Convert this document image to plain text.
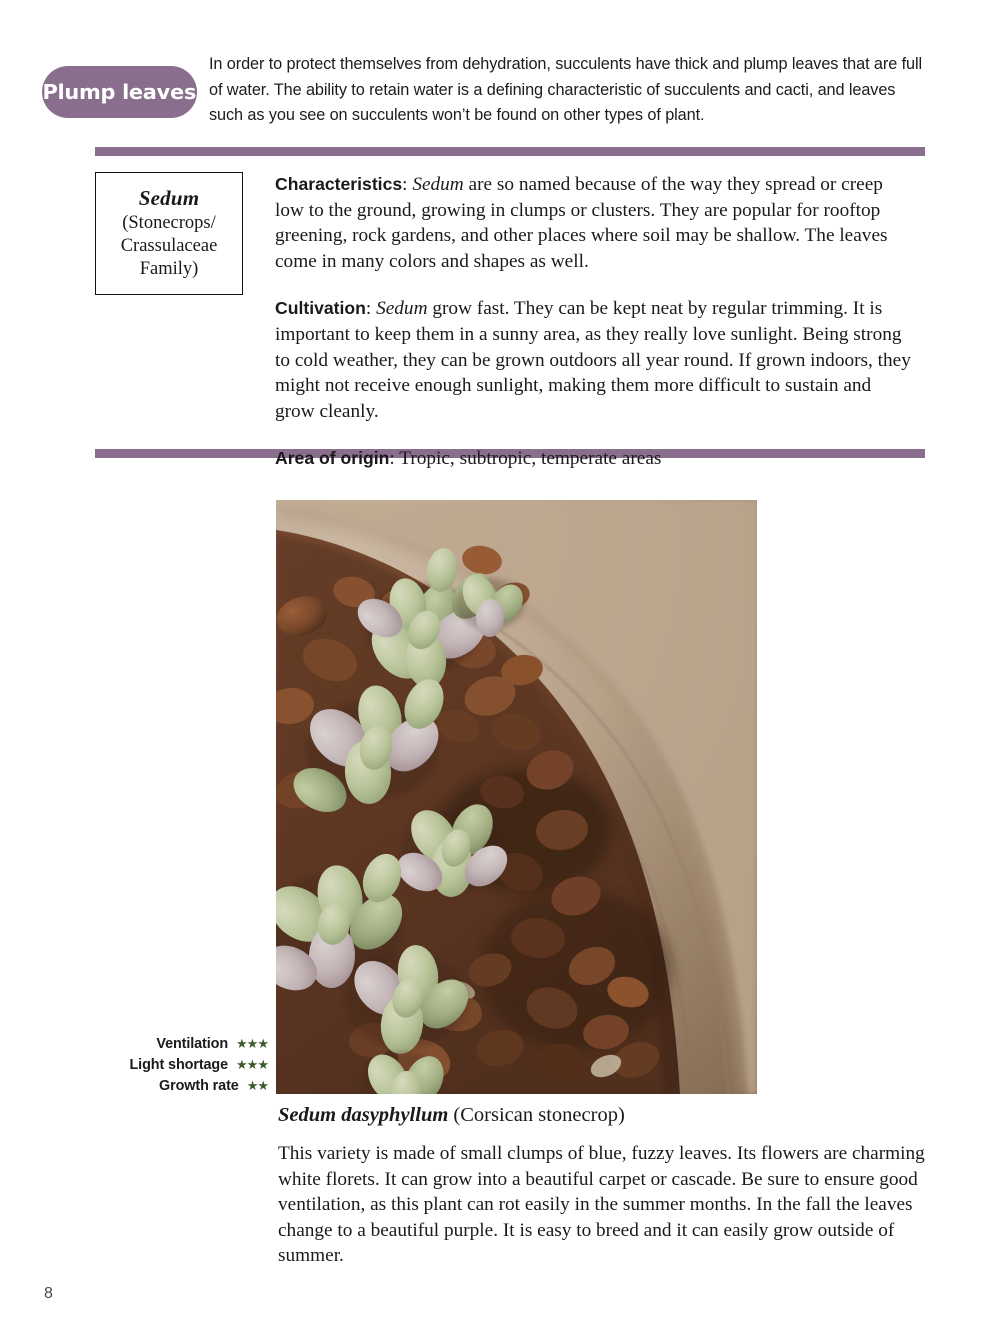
Plump leaves
In order to protect themselves from dehydration, succulents have thick and plump leaves that are full of water. The ability to retain water is a defining characteristic of succulents and cacti, and leaves such as you see on succulents won’t be found on other types of plant.
Sedum
(Stonecrops/ Crassulaceae Family)

Characteristics: Sedum are so named because of the way they spread or creep low to the ground, growing in clumps or clusters. They are popular for rooftop greening, rock gardens, and other places where soil may be shallow. The leaves come in many colors and shapes as well.

Cultivation: Sedum grow fast. They can be kept neat by regular trimming. It is important to keep them in a sunny area, as they really love sunlight. Being strong to cold weather, they can be grown outdoors all year round. If grown indoors, they might not receive enough sunlight, making them more difficult to sustain and grow cleanly.

Area of origin: Tropic, subtropic, temperate areas

Ventilation ★★★
Light shortage ★★★
Growth rate ★★
Sedum dasyphyllum (Corsican stonecrop)
This variety is made of small clumps of blue, fuzzy leaves. Its flowers are charming white florets. It can grow into a beautiful carpet or cascade. Be sure to ensure good ventilation, as this plant can rot easily in the summer months. In the fall the leaves change to a beautiful purple. It is easy to breed and it can easily grow outside of summer.
8
